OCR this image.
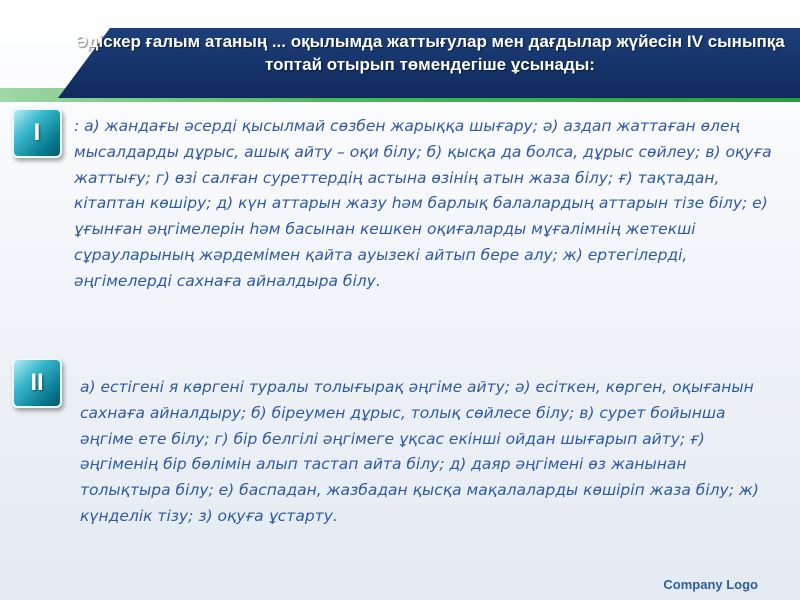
Әдіскер ғалым атаның ... оқылымда жаттығулар мен дағдылар жүйесін IV сыныпқа топтай отырып төмендегіше ұсынады:
I	: а) жандағы әсерді қысылмай сөзбен жарыққа шығару; ә) аздап жаттаған өлең мысалдарды дұрыс, ашық айту – оқи білу; б) қысқа да болса, дұрыс сөйлеу; в) оқуға жаттығу; г) өзі салған суреттердің астына өзінің атын жаза білу; ғ) тақтадан, кітаптан көшіру; д) күн аттарын жазу һәм барлық балалардың аттарын тізе білу; е) ұғынған әңгімелерін һәм басынан кешкен оқиғаларды мұғалімнің жетекші сұрауларының жәрдемімен қайта ауызекі айтып бере алу; ж) ертегілерді, әңгімелерді сахнаға айналдыра білу.
II	а) естігені я көргені туралы толығырақ әңгіме айту; ә) есіткен, көрген, оқығанын сахнаға айналдыру; б) біреумен дұрыс, толық сөйлесе білу; в) сурет бойынша әңгіме ете білу; г) бір белгілі әңгімеге ұқсас екінші ойдан шығарып айту; ғ) әңгіменің бір бөлімін алып тастап айта білу; д) даяр әңгімені өз жанынан толықтыра білу; е) баспадан, жазбадан қысқа мақалаларды көшіріп жаза білу; ж) күнделік тізу; з) оқуға ұстарту.
Company Logo
